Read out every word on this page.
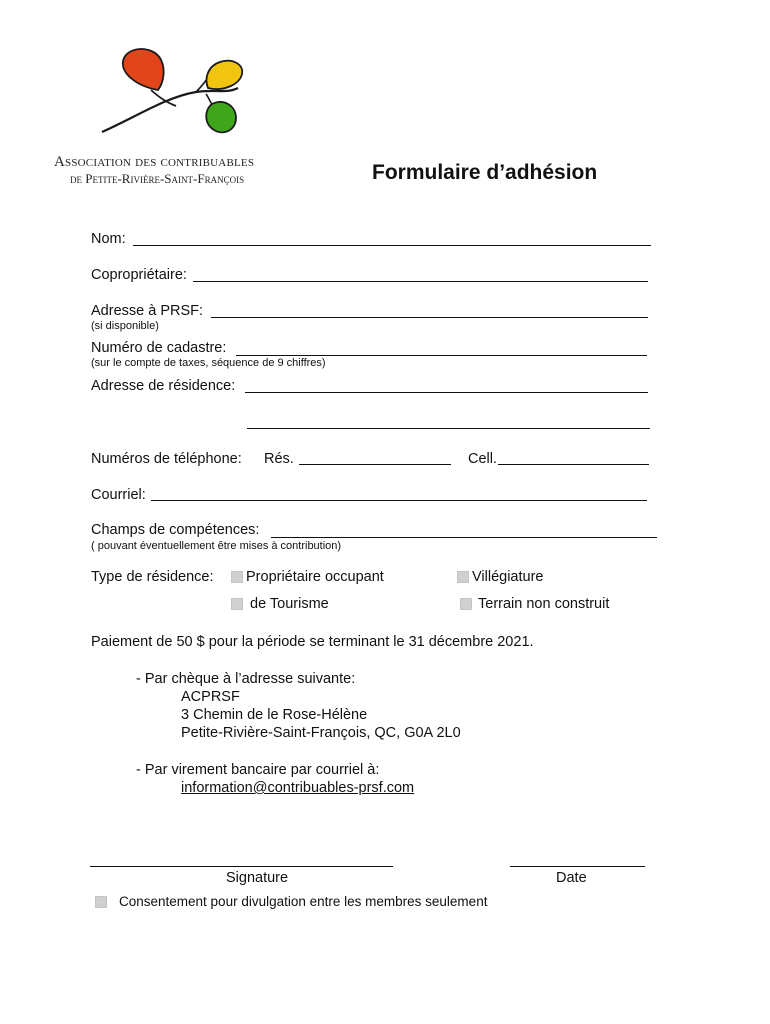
Association des contribuables
de Petite-Rivière-Saint-François	Formulaire d’adhésion
Nom:
Copropriétaire:
Adresse à PRSF:
(si disponible)
Numéro de cadastre:
(sur le compte de taxes, séquence de 9 chiffres)
Adresse de résidence:
Numéros de téléphone: Rés.	Cell.
Courriel:
Champs de compétences:
( pouvant éventuellement être mises à contribution)
Type de résidence: Propriétaire occupant	Villégiature
de Tourisme	Terrain non construit
Paiement de 50 $ pour la période se terminant le 31 décembre 2021.
- Par chèque à l’adresse suivante:
ACPRSF
3 Chemin de le Rose-Hélène
Petite-Rivière-Saint-François, QC, G0A 2L0
- Par virement bancaire par courriel à:
information@contribuables-prsf.com
Signature	Date
Consentement pour divulgation entre les membres seulement
